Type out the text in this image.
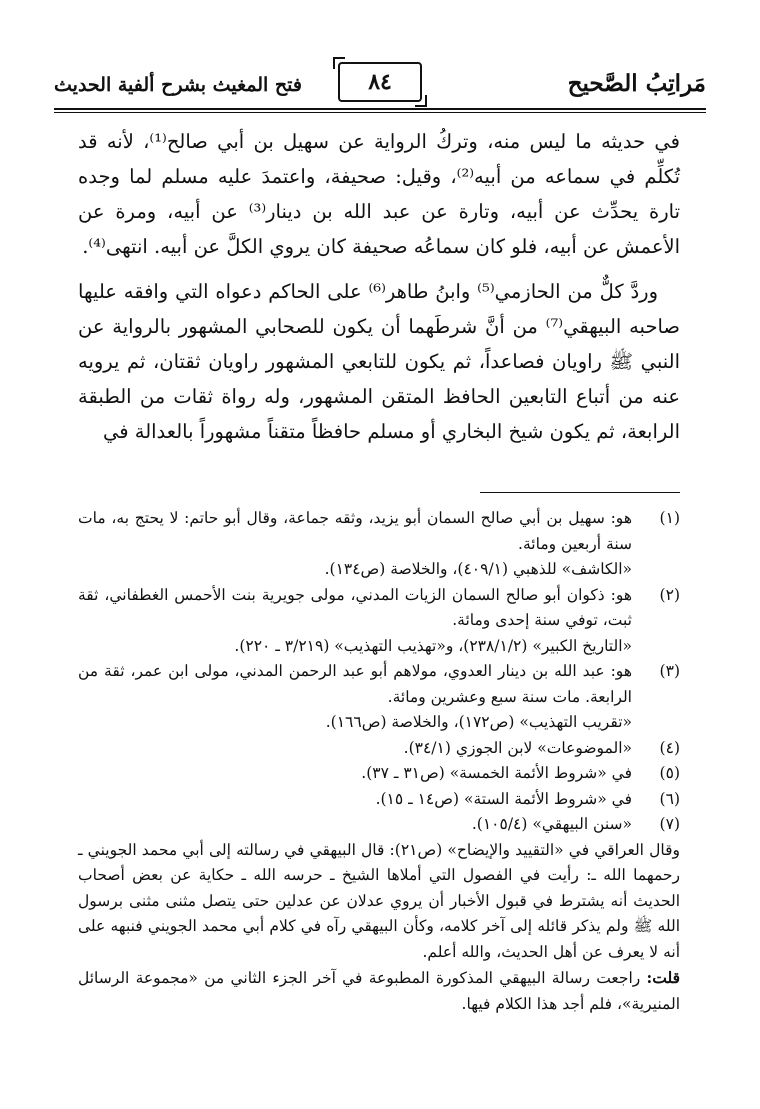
مَراتِبُ الصَّحيح
٨٤
فتح المغيث بشرح ألفية الحديث

في حديثه ما ليس منه، وتركُ الرواية عن سهيل بن أبي صالح⁽¹⁾، لأنه قد تُكلِّم في سماعه من أبيه⁽²⁾، وقيل: صحيفة، واعتمدَ عليه مسلم لما وجده تارة يحدِّث عن أبيه، وتارة عن عبد الله بن دينار⁽³⁾ عن أبيه، ومرة عن الأعمش عن أبيه، فلو كان سماعُه صحيفة كان يروي الكلَّ عن أبيه. انتهى⁽⁴⁾.

وردَّ كلٌّ من الحازمي⁽⁵⁾ وابنُ طاهر⁽⁶⁾ على الحاكم دعواه التي وافقه عليها صاحبه البيهقي⁽⁷⁾ من أنَّ شرطَهما أن يكون للصحابي المشهور بالرواية عن النبي ﷺ راويان فصاعداً، ثم يكون للتابعي المشهور راويان ثقتان، ثم يرويه عنه من أتباع التابعين الحافظ المتقن المشهور، وله رواة ثقات من الطبقة الرابعة، ثم يكون شيخ البخاري أو مسلم حافظاً متقناً مشهوراً بالعدالة في

(١)
هو: سهيل بن أبي صالح السمان أبو يزيد، وثقه جماعة، وقال أبو حاتم: لا يحتج به، مات سنة أربعين ومائة.
«الكاشف» للذهبي (٤٠٩/١)، والخلاصة (ص١٣٤).
(٢)
هو: ذكوان أبو صالح السمان الزيات المدني، مولى جويرية بنت الأحمس الغطفاني، ثقة ثبت، توفي سنة إحدى ومائة.
«التاريخ الكبير» (٢٣٨/١/٢)، و«تهذيب التهذيب» (٣/٢١٩ ـ ٢٢٠).
(٣)
هو: عبد الله بن دينار العدوي، مولاهم أبو عبد الرحمن المدني، مولى ابن عمر، ثقة من الرابعة. مات سنة سبع وعشرين ومائة.
«تقريب التهذيب» (ص١٧٢)، والخلاصة (ص١٦٦).
(٤)
«الموضوعات» لابن الجوزي (٣٤/١).
(٥)
في «شروط الأئمة الخمسة» (ص٣١ ـ ٣٧).
(٦)
في «شروط الأئمة الستة» (ص١٤ ـ ١٥).
(٧)
«سنن البيهقي» (١٠٥/٤).

وقال العراقي في «التقييد والإيضاح» (ص٢١): قال البيهقي في رسالته إلى أبي محمد الجويني ـ رحمهما الله ـ: رأيت في الفصول التي أملاها الشيخ ـ حرسه الله ـ حكاية عن بعض أصحاب الحديث أنه يشترط في قبول الأخبار أن يروي عدلان عن عدلين حتى يتصل مثنى مثنى برسول الله ﷺ ولم يذكر قائله إلى آخر كلامه، وكأن البيهقي رآه في كلام أبي محمد الجويني فنبهه على أنه لا يعرف عن أهل الحديث، والله أعلم.

قلت: راجعت رسالة البيهقي المذكورة المطبوعة في آخر الجزء الثاني من «مجموعة الرسائل المنيرية»، فلم أجد هذا الكلام فيها.
